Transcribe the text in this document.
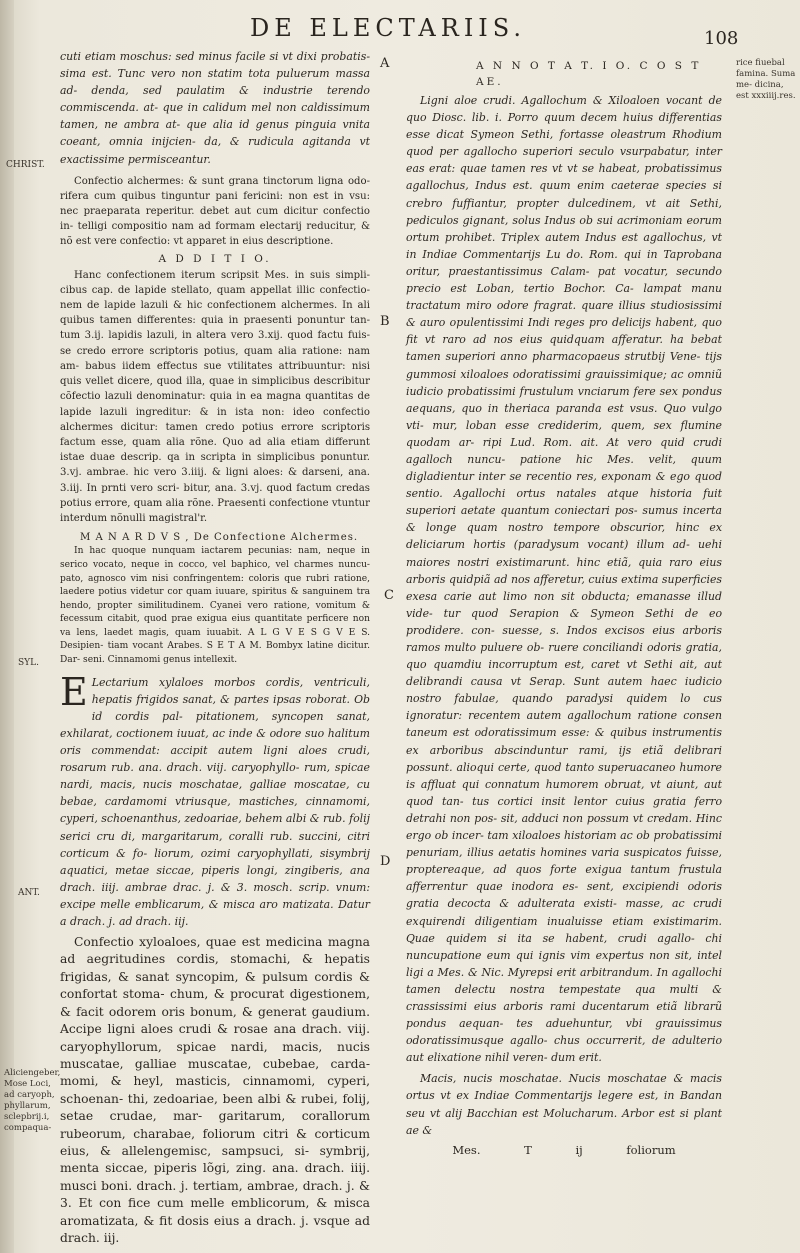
DE ELECTARIIS.	108
CHRIST.
SYL.
ANT.
Aliciengeber, Mose Loci, ad caryoph, phyllarum, sclepbrij.i, compaqua-
rice fiuebal famina. Suma me- dicina, est xxxiiij.res.
A
B
C
D

cuti etiam moschus: sed minus facile si vt dixi probatis- sima est. Tunc vero non statim tota puluerum massa ad- denda, sed paulatim & industrie terendo commiscenda. at- que in calidum mel non caldissimum tamen, ne ambra at- que alia id genus pinguia vnita coeant, omnia inijcien- da, & rudicula agitanda vt exactissime permisceantur.

Confectio alchermes: & sunt grana tinctorum ligna odo- rifera cum quibus tinguntur pani fericini: non est in vsu: nec praeparata reperitur. debet aut cum dicitur confectio in- telligi compositio nam ad formam electarij reducitur, & nõ est vere confectio: vt apparet in eius descriptione.

A D D I T I O.

Hanc confectionem iterum scripsit Mes. in suis simpli- cibus cap. de lapide stellato, quam appellat illic confectio- nem de lapide lazuli & hic confectionem alchermes. In ali quibus tamen differentes: quia in praesenti ponuntur tan- tum 3.ij. lapidis lazuli, in altera vero 3.xij. quod factu fuis- se credo errore scriptoris potius, quam alia ratione: nam am- babus iidem effectus sue vtilitates attribuuntur: nisi quis vellet dicere, quod illa, quae in simplicibus describitur cõfectio lazuli denominatur: quia in ea magna quantitas de lapide lazuli ingreditur: & in ista non: ideo confectio alchermes dicitur: tamen credo potius errore scriptoris factum esse, quam alia rõne. Quo ad alia etiam differunt istae duae descrip. qa in scripta in simplicibus ponuntur. 3.vj. ambrae. hic vero 3.iiij. & ligni aloes: & darseni, ana. 3.iij. In prnti vero scri- bitur, ana. 3.vj. quod factum credas potius errore, quam alia rõne. Praesenti confectione vtuntur interdum nõnulli magistral'r.

M A N A R D V S , De Confectione Alchermes.

In hac quoque nunquam iactarem pecunias: nam, neque in serico vocato, neque in cocco, vel baphico, vel charmes nuncu- pato, agnosco vim nisi confringentem: coloris que rubri ratione, laedere potius videtur cor quam iuuare, spiritus & sanguinem tra hendo, propter similitudinem. Cyanei vero ratione, vomitum & fecessum citabit, quod prae exigua eius quantitate perficere non va lens, laedet magis, quam iuuabit. A L G V E S G V E S. Desipien- tiam vocant Arabes. S E T A M. Bombyx latine dicitur. Dar- seni. Cinnamomi genus intellexit.

E Lectarium xylaloes morbos cordis, ventriculi, hepatis frigidos sanat, & partes ipsas roborat. Ob id cordis pal- pitationem, syncopen sanat, exhilarat, coctionem iuuat, ac inde & odore suo halitum oris commendat: accipit autem ligni aloes crudi, rosarum rub. ana. drach. viij. caryophyllo- rum, spicae nardi, macis, nucis moschatae, galliae moscatae, cu bebae, cardamomi vtriusque, mastiches, cinnamomi, cyperi, schoenanthus, zedoariae, behem albi & rub. folij serici cru di, margaritarum, coralli rub. succini, citri corticum & fo- liorum, ozimi caryophyllati, sisymbrij aquatici, metae siccae, piperis longi, zingiberis, ana drach. iiij. ambrae drac. j. & 3. mosch. scrip. vnum: excipe melle emblicarum, & misca aro matizata. Datur a drach. j. ad drach. iij.

Confectio xyloaloes, quae est medicina magna ad aegritudines cordis, stomachi, & hepatis frigidas, & sanat syncopim, & pulsum cordis & confortat stoma- chum, & procurat digestionem, & facit odorem oris bonum, & generat gaudium. Accipe ligni aloes crudi & rosae ana drach. viij. caryophyllorum, spicae nardi, macis, nucis muscatae, galliae muscatae, cubebae, carda- momi, & heyl, masticis, cinnamomi, cyperi, schoenan- thi, zedoariae, been albi & rubei, folij, setae crudae, mar- garitarum, corallorum rubeorum, charabae, foliorum citri & corticum eius, & allelengemisc, sampsuci, si- symbrij, menta siccae, piperis lõgi, zing. ana. drach. iiij. musci boni. drach. j. tertiam, ambrae, drach. j. & 3. Et con fice cum melle emblicorum, & misca aromatizata, & fit dosis eius a drach. j. vsque ad drach. iij.

A N N O T A T. I O. C O S T AE.

Ligni aloe crudi. Agallochum & Xiloaloen vocant de quo Diosc. lib. i. Porro quum decem huius differentias esse dicat Symeon Sethi, fortasse oleastrum Rhodium quod per agallocho superiori seculo vsurpabatur, inter eas erat: quae tamen res vt vt se habeat, probatissimus agallochus, Indus est. quum enim caeterae species si crebro fuffiantur, propter dulcedinem, vt ait Sethi, pediculos gignant, solus Indus ob sui acrimoniam eorum ortum prohibet. Triplex autem Indus est agallochus, vt in Indiae Commentarijs Lu do. Rom. qui in Taprobana oritur, praestantissimus Calam- pat vocatur, secundo precio est Loban, tertio Bochor. Ca- lampat manu tractatum miro odore fragrat. quare illius studiosissimi & auro opulentissimi Indi reges pro delicijs habent, quo fit vt raro ad nos eius quidquam afferatur. ha bebat tamen superiori anno pharmacopaeus strutbij Vene- tijs gummosi xiloaloes odoratissimi grauissimique; ac omniũ iudicio probatissimi frustulum vnciarum fere sex pondus aequans, quo in theriaca paranda est vsus. Quo vulgo vti- mur, loban esse crediderim, quem, sex flumine quodam ar- ripi Lud. Rom. ait. At vero quid crudi agalloch nuncu- patione hic Mes. velit, quum digladientur inter se recentio res, exponam & ego quod sentio. Agallochi ortus natales atque historia fuit superiori aetate quantum coniectari pos- sumus incerta & longe quam nostro tempore obscurior, hinc ex deliciarum hortis (paradysum vocant) illum ad- uehi maiores nostri existimarunt. hinc etiã, quia raro eius arboris quidpiã ad nos afferetur, cuius extima superficies exesa carie aut limo non sit obducta; emanasse illud vide- tur quod Serapion & Symeon Sethi de eo prodidere. con- suesse, s. Indos excisos eius arboris ramos multo puluere ob- ruere conciliandi odoris gratia, quo quamdiu incorruptum est, caret vt Sethi ait, aut delibrandi causa vt Serap. Sunt autem haec iudicio nostro fabulae, quando paradysi quidem lo cus ignoratur: recentem autem agallochum ratione consen taneum est odoratissimum esse: & quibus instrumentis ex arboribus abscinduntur rami, ijs etiã delibrari possunt. alioqui certe, quod tanto superuacaneo humore is affluat qui connatum humorem obruat, vt aiunt, aut quod tan- tus cortici insit lentor cuius gratia ferro detrahi non pos- sit, adduci non possum vt credam. Hinc ergo ob incer- tam xiloaloes historiam ac ob probatissimi penuriam, illius aetatis homines varia suspicatos fuisse, proptereaque, ad quos forte exigua tantum frustula afferrentur quae inodora es- sent, excipiendi odoris gratia decocta & adulterata existi- masse, ac crudi exquirendi diligentiam inualuisse etiam existimarim. Quae quidem si ita se habent, crudi agallo- chi nuncupatione eum qui ignis vim expertus non sit, intel ligi a Mes. & Nic. Myrepsi erit arbitrandum. In agallochi tamen delectu nostra tempestate qua multi & crassissimi eius arboris rami ducentarum etiã librarũ pondus aequan- tes aduehuntur, vbi grauissimus odoratissimusque agallo- chus occurrerit, de adulterio aut elixatione nihil veren- dum erit.

Macis, nucis moschatae. Nucis moschatae & macis ortus vt ex Indiae Commentarijs legere est, in Bandan seu vt alij Bacchian est Molucharum. Arbor est si plant ae &

Mes. T ij foliorum
